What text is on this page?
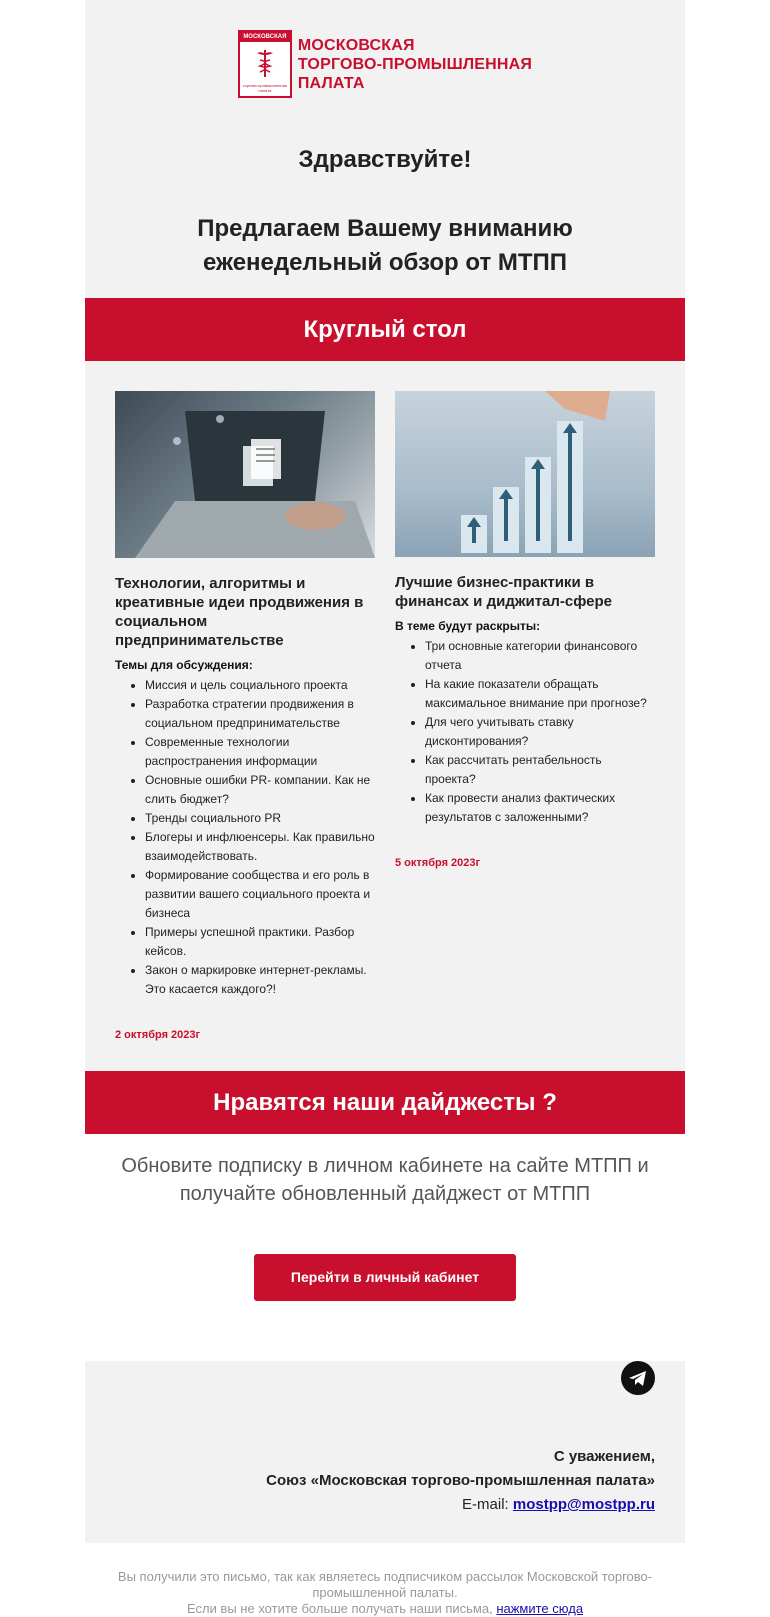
МОСКОВСКАЯ
торгово-промышленная палата
МОСКОВСКАЯ
ТОРГОВО-ПРОМЫШЛЕННАЯ
ПАЛАТА
Здравствуйте!
Предлагаем Вашему вниманию еженедельный обзор от МТПП
Круглый стол
Технологии, алгоритмы и креативные идеи продвижения в социальном предпринимательстве
Темы для обсуждения:
• Миссия и цель социального проекта
• Разработка стратегии продвижения в социальном предпринимательстве
• Современные технологии распространения информации
• Основные ошибки PR- компании. Как не слить бюджет?
• Тренды социального PR
• Блогеры и инфлюенсеры. Как правильно взаимодействовать.
• Формирование сообщества и его роль в развитии вашего социального проекта и бизнеса
• Примеры успешной практики. Разбор кейсов.
• Закон о маркировке интернет-рекламы. Это касается каждого?!
2 октября 2023г
Лучшие бизнес-практики в финансах и диджитал-сфере
В теме будут раскрыты:
• Три основные категории финансового отчета
• На какие показатели обращать максимальное внимание при прогнозе?
• Для чего учитывать ставку дисконтирования?
• Как рассчитать рентабельность проекта?
• Как провести анализ фактических результатов с заложенными?
5 октября 2023г
Нравятся наши дайджесты ?
Обновите подписку в личном кабинете на сайте МТПП и получайте обновленный дайджест от МТПП
Перейти в личный кабинет
С уважением,
Союз «Московская торгово-промышленная палата»
E-mail: mostpp@mostpp.ru
Вы получили это письмо, так как являетесь подписчиком рассылок Московской торгово-промышленной палаты.
Если вы не хотите больше получать наши письма, нажмите сюда
